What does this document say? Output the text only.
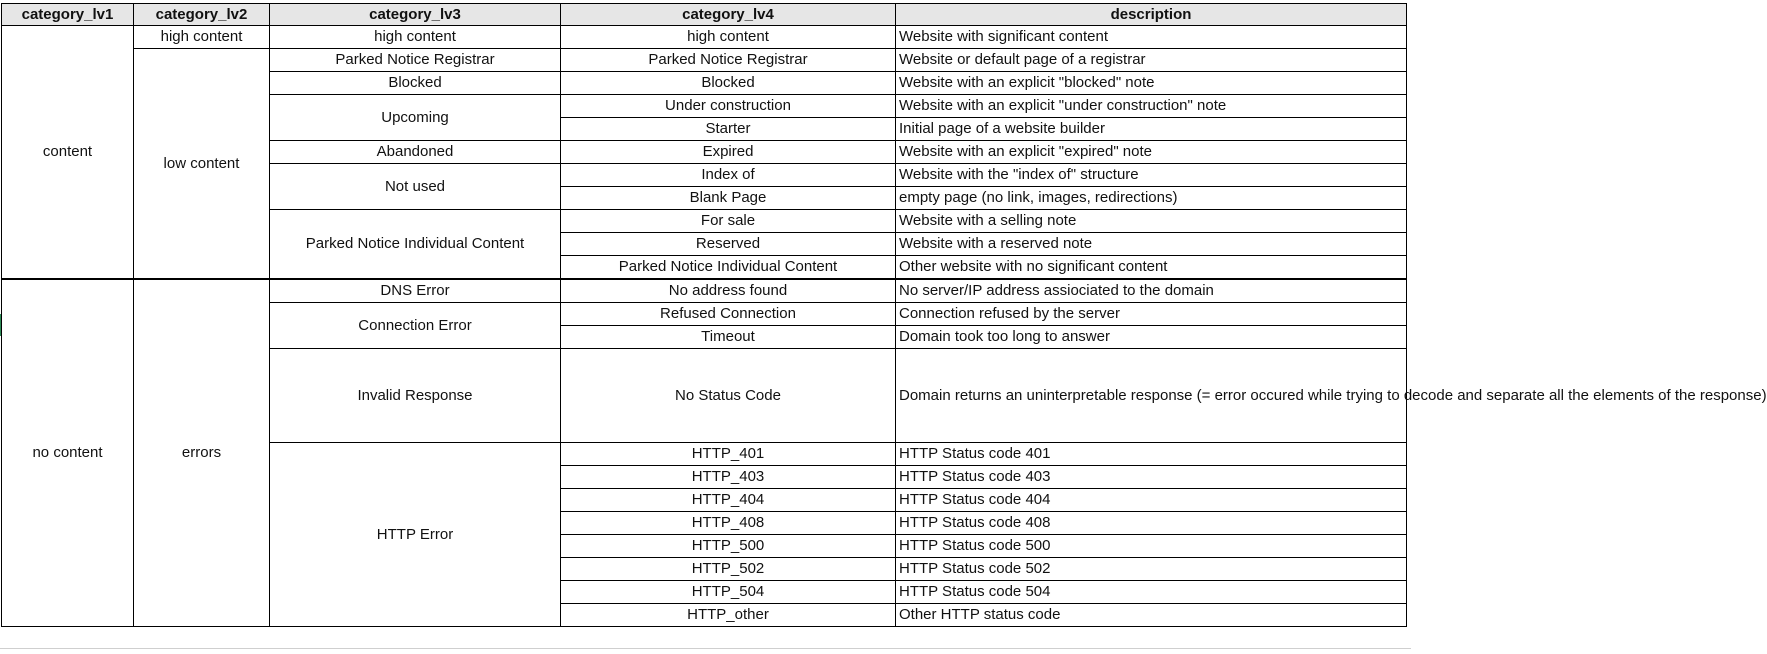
category_lv1	category_lv2	category_lv3	category_lv4	description
content	high content	high content	high content	Website with significant content
	low content	Parked Notice Registrar	Parked Notice Registrar	Website or default page of a registrar
		Blocked	Blocked	Website with an explicit "blocked" note
		Upcoming	Under construction	Website with an explicit "under construction" note
			Starter	Initial page of a website builder
		Abandoned	Expired	Website with an explicit "expired" note
		Not used	Index of	Website with the "index of" structure
			Blank Page	empty page (no link, images, redirections)
		Parked Notice Individual Content	For sale	Website with a selling note
			Reserved	Website with a reserved note
			Parked Notice Individual Content	Other website with no significant content
no content	errors	DNS Error	No address found	No server/IP address assiociated to the domain
		Connection Error	Refused Connection	Connection refused by the server
			Timeout	Domain took too long to answer
		Invalid Response	No Status Code	Domain returns an uninterpretable response (= error occured while trying to decode and separate all the elements of the response)
		HTTP Error	HTTP_401	HTTP Status code 401
			HTTP_403	HTTP Status code 403
			HTTP_404	HTTP Status code 404
			HTTP_408	HTTP Status code 408
			HTTP_500	HTTP Status code 500
			HTTP_502	HTTP Status code 502
			HTTP_504	HTTP Status code 504
			HTTP_other	Other HTTP status code
